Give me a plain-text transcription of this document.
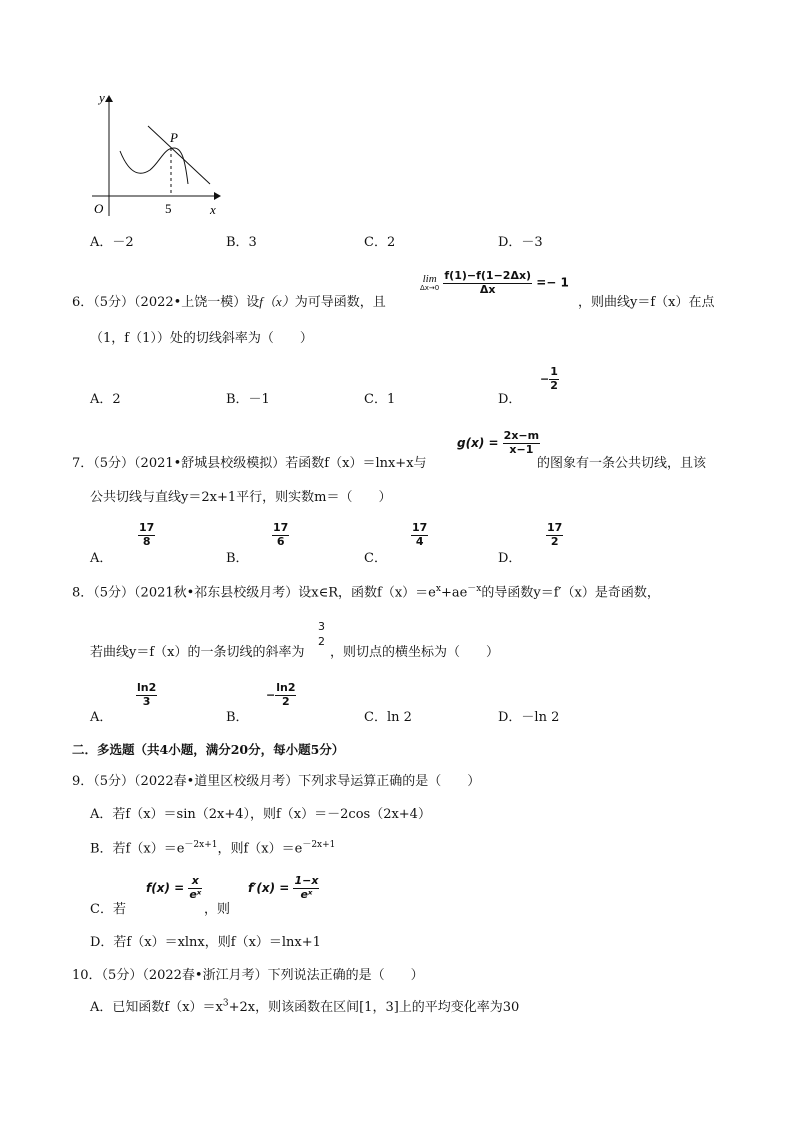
y
x
O	5
P
A．－2	B．3	C．2	D．－3
6．（5分）（2022•上饶一模）设f（x）为可导函数，且
lim
Δx→0
$\frac{f(1)-f(1-2\Delta x)}{\Delta x} =- 1$
，则曲线y＝f（x）在点
（1，f（1））处的切线斜率为（　　）
A．2	B．－1	C．1	D．
− $\frac{1}{2}$
7．（5分）（2021•舒城县校级模拟）若函数f（x）＝lnx+x与
$g(x) = \frac{2x-m}{x-1}$
的图象有一条公共切线，且该
公共切线与直线y＝2x+1平行，则实数m＝（　　）
A．	B．	C．	D．
$\frac{17}{8}$	$\frac{17}{6}$	$\frac{17}{4}$	$\frac{17}{2}$
8．（5分）（2021秋•祁东县校级月考）设x∈R，函数$f(x)=e^x+ae^{-x}$的导函数y＝f′（x）是奇函数，
若曲线y＝f（x）的一条切线的斜率为
3
2
，则切点的横坐标为（　　）
A．	B．	C．ln 2	D．－ln 2
$\frac{\ln 2}{3}$	− $\frac{\ln 2}{2}$
二．多选题（共4小题，满分20分，每小题5分）
9．（5分）（2022春•道里区校级月考）下列求导运算正确的是（　　）
A．若f（x）＝sin（2x+4），则f（x）＝－2cos（2x+4）
B．若$f(x)=e^{-2x+1}$，则$f(x)=e^{-2x+1}$
C．若
$f(x) = \frac{x}{\text{eˣ}}$
，则
$f'(x) = \frac{1-x}{\text{eˣ}}$
D．若f（x）＝xlnx，则f（x）＝lnx+1
10．（5分）（2022春•浙江月考）下列说法正确的是（　　）
A．已知函数$f(x)=x^3+2x$，则该函数在区间[1，3]上的平均变化率为30
